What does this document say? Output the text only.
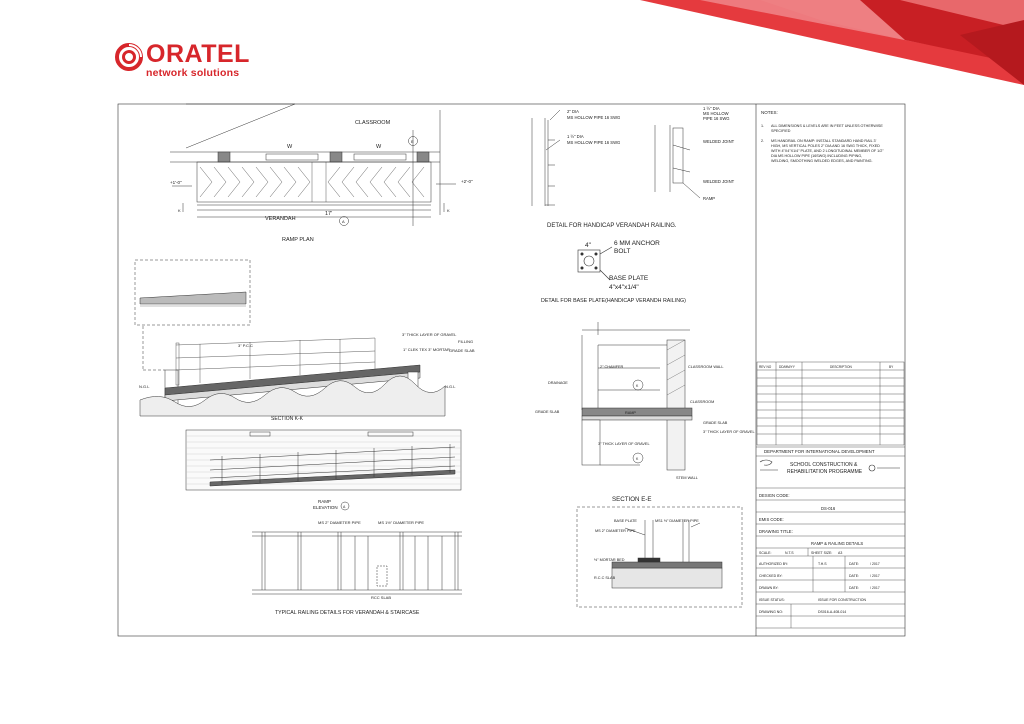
ORATEL
network solutions
CLASSROOM
VERANDAH
RAMP PLAN
W	W
17'
E
A
+1'-0"	+2'-0"
K	K
2" DIA
MS HOLLOW PIPE 16 SWG
1 ½" DIA
MS HOLLOW PIPE 16 SWG
1 ½" DIA
MS HOLLOW
PIPE 16 SWG
WELDED JOINT
WELDED JOINT
RAMP
DETAIL FOR HANDICAP VERANDAH RAILING.
6 MM ANCHOR
BOLT
BASE PLATE
4"x4"x1/4"
4"
DETAIL FOR BASE PLATE(HANDICAP VERANDH RAILING)
SECTION K-K
3" THICK LAYER OF GRAVEL
FILLING
1" CLEK TEX 3" MORTAR GRADE SLAB
3" P.C.C
N.G.L	N.G.L
RAMP
ELEVATION A
MS 2" DIAMETER PIPE	MS 1½" DIAMETER PIPE
RCC SLAB
TYPICAL RAILING DETAILS FOR VERANDAH & STAIRCASE
CLASSROOM WALL
CLASSROOM
RAMP
GRADE SLAB
GRADE SLAB
3" THICK LAYER OF GRAVEL
3" THICK LAYER OF GRAVEL
STEM WALL
2" CHAMFER
K
K
DRAINAGE
SECTION E-E
BASE PLATE
MS 2" DIAMETER PIPE
MS1 ½" DIAMETER PIPE
½" MORTAR BED
R.C.C SLAB
NOTES:
1. ALL DIMENSIONS & LEVELS ARE IN FEET UNLESS OTHERWISE
SPECIFIED
2. MS HANDRAIL ON RAMP: INSTALL STANDARD HAND RAIL 3'
HIGH, MS VERTICAL POLES 2" DIA AND 16 SWG THICK, FIXED
WITH 4"X4"X1/4" PLATE, AND 2 LONGITUDINAL MEMBER OF 1/2"
DIA MS HOLLOW PIPE (16SWG) INCLUDING PIPING,
WELDING, SMOOTHING WELDED EDGES, AND PAINTING.
REV NO DD/MM/YY	DESCRIPTION	BY
DEPARTMENT FOR INTERNATIONAL DEVELOPMENT
SCHOOL CONSTRUCTION &
REHABILITATION PROGRAMME
DESIGN CODE:
DS-016
EMIS CODE:
DRAWING TITLE:
RAMP & RAILING DETAILS
SCALE:	N.T.S	SHEET SIZE: A3
AUTHORIZED BY:	T.H.S	DATE:	/ 2017
CHECKED BY:	DATE:	/ 2017
DRAWN BY:	DATE:	/ 2017
ISSUE STATUS:	ISSUE FOR CONSTRUCTION
DRAWING NO:	DS016-A-408-014
